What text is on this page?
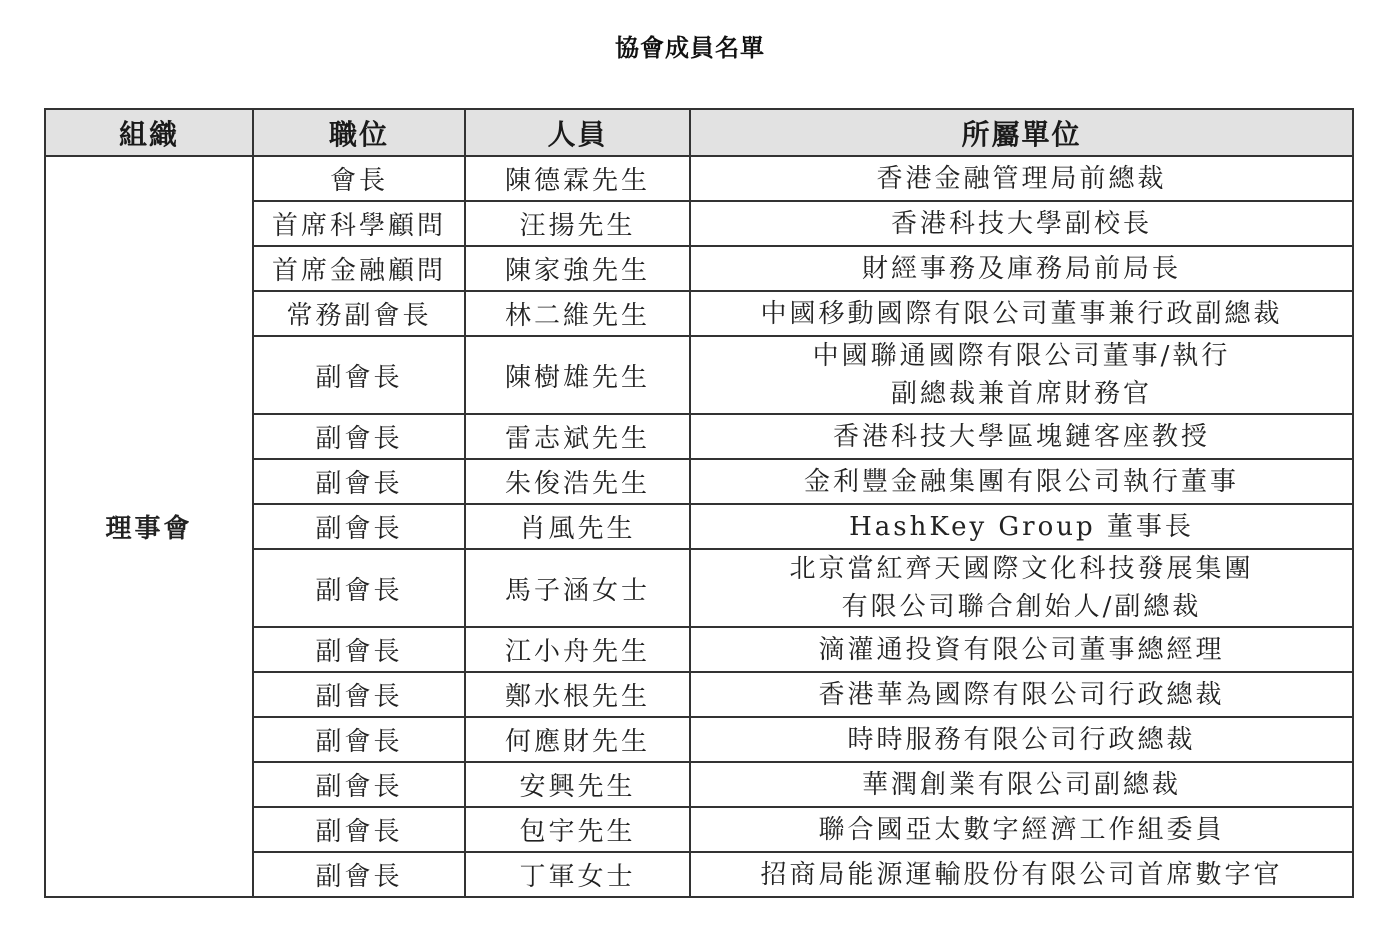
協會成員名單
組織	職位	人員	所屬單位
理事會	會長	陳德霖先生	香港金融管理局前總裁

	首席科學顧問	汪揚先生	香港科技大學副校長

	首席金融顧問	陳家強先生	財經事務及庫務局前局長

	常務副會長	林二維先生	中國移動國際有限公司董事兼行政副總裁

	副會長	陳樹雄先生	中國聯通國際有限公司董事/執行
副總裁兼首席財務官

	副會長	雷志斌先生	香港科技大學區塊鏈客座教授

	副會長	朱俊浩先生	金利豐金融集團有限公司執行董事

	副會長	肖風先生	HashKey Group 董事長

	副會長	馬子涵女士	北京當紅齊天國際文化科技發展集團
有限公司聯合創始人/副總裁

	副會長	江小舟先生	滴灌通投資有限公司董事總經理

	副會長	鄭水根先生	香港華為國際有限公司行政總裁

	副會長	何應財先生	時時服務有限公司行政總裁

	副會長	安興先生	華潤創業有限公司副總裁

	副會長	包宇先生	聯合國亞太數字經濟工作組委員

	副會長	丁軍女士	招商局能源運輸股份有限公司首席數字官
